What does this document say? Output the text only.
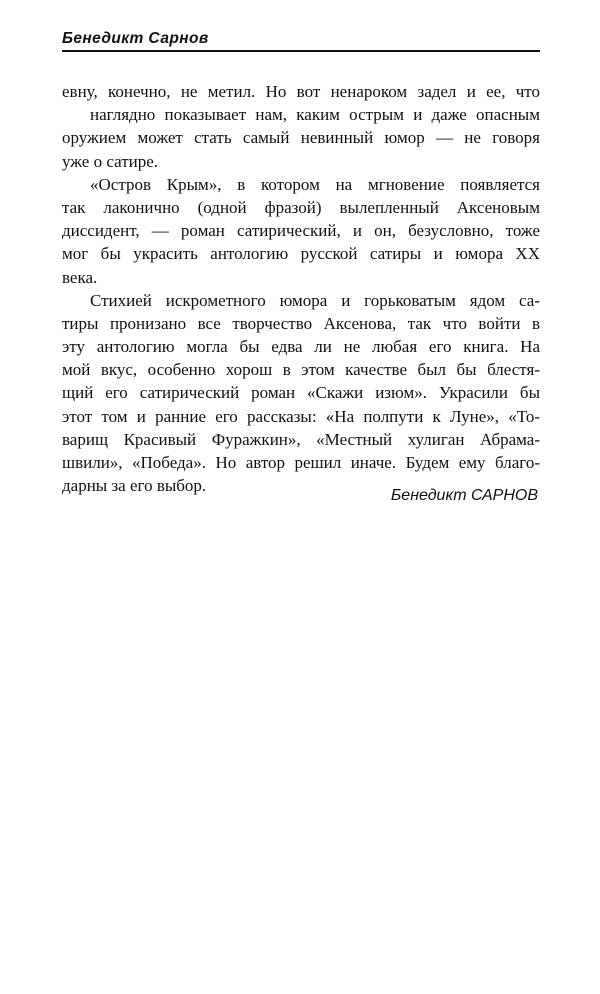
Бенедикт Сарнов
евну, конечно, не метил. Но вот ненароком задел и ее, что
наглядно показывает нам, каким острым и даже опасным
оружием может стать самый невинный юмор — не говоря
уже о сатире.
«Остров Крым», в котором на мгновение появляется
так лаконично (одной фразой) вылепленный Аксеновым
диссидент, — роман сатирический, и он, безусловно, тоже
мог бы украсить антологию русской сатиры и юмора XX
века.
Стихией искрометного юмора и горьковатым ядом са-
тиры пронизано все творчество Аксенова, так что войти в
эту антологию могла бы едва ли не любая его книга. На
мой вкус, особенно хорош в этом качестве был бы блестя-
щий его сатирический роман «Скажи изюм». Украсили бы
этот том и ранние его рассказы: «На полпути к Луне», «То-
варищ Красивый Фуражкин», «Местный хулиган Абрама-
швили», «Победа». Но автор решил иначе. Будем ему благо-
дарны за его выбор.
Бенедикт САРНОВ
